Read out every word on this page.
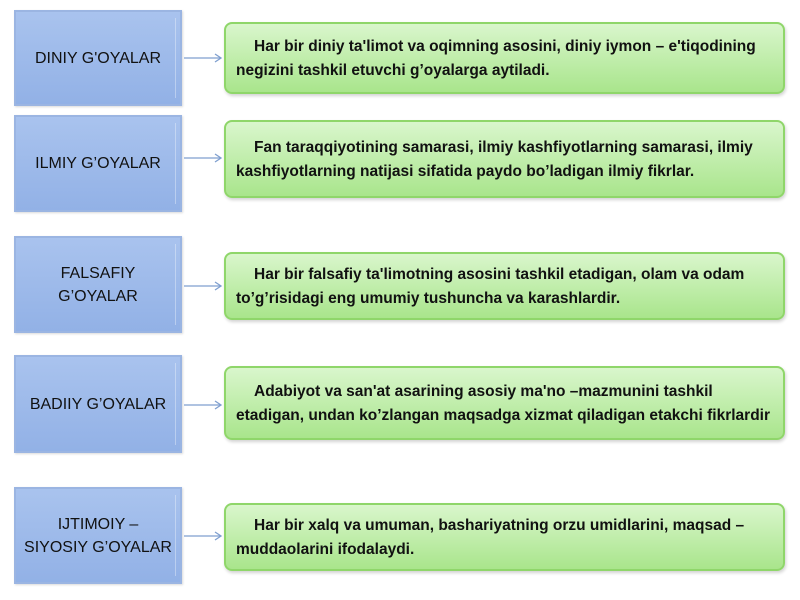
DINIY G'OYALAR
Har bir diniy ta'limot va oqimning asosini, diniy iymon – e'tiqodining negizini tashkil etuvchi g’oyalarga aytiladi.
ILMIY G’OYALAR
Fan taraqqiyotining samarasi, ilmiy kashfiyotlarning samarasi, ilmiy kashfiyotlarning natijasi sifatida paydo bo’ladigan ilmiy fikrlar.
FALSAFIY G’OYALAR
Har bir falsafiy ta'limotning asosini tashkil etadigan, olam va odam to’g’risidagi eng umumiy tushuncha va karashlardir.
BADIIY G’OYALAR
Adabiyot va san'at asarining asosiy ma'no –mazmunini tashkil etadigan, undan ko’zlangan maqsadga xizmat qiladigan etakchi fikrlardir
IJTIMOIY – SIYOSIY G’OYALAR
Har bir xalq va umuman, bashariyatning orzu umidlarini, maqsad – muddaolarini ifodalaydi.
